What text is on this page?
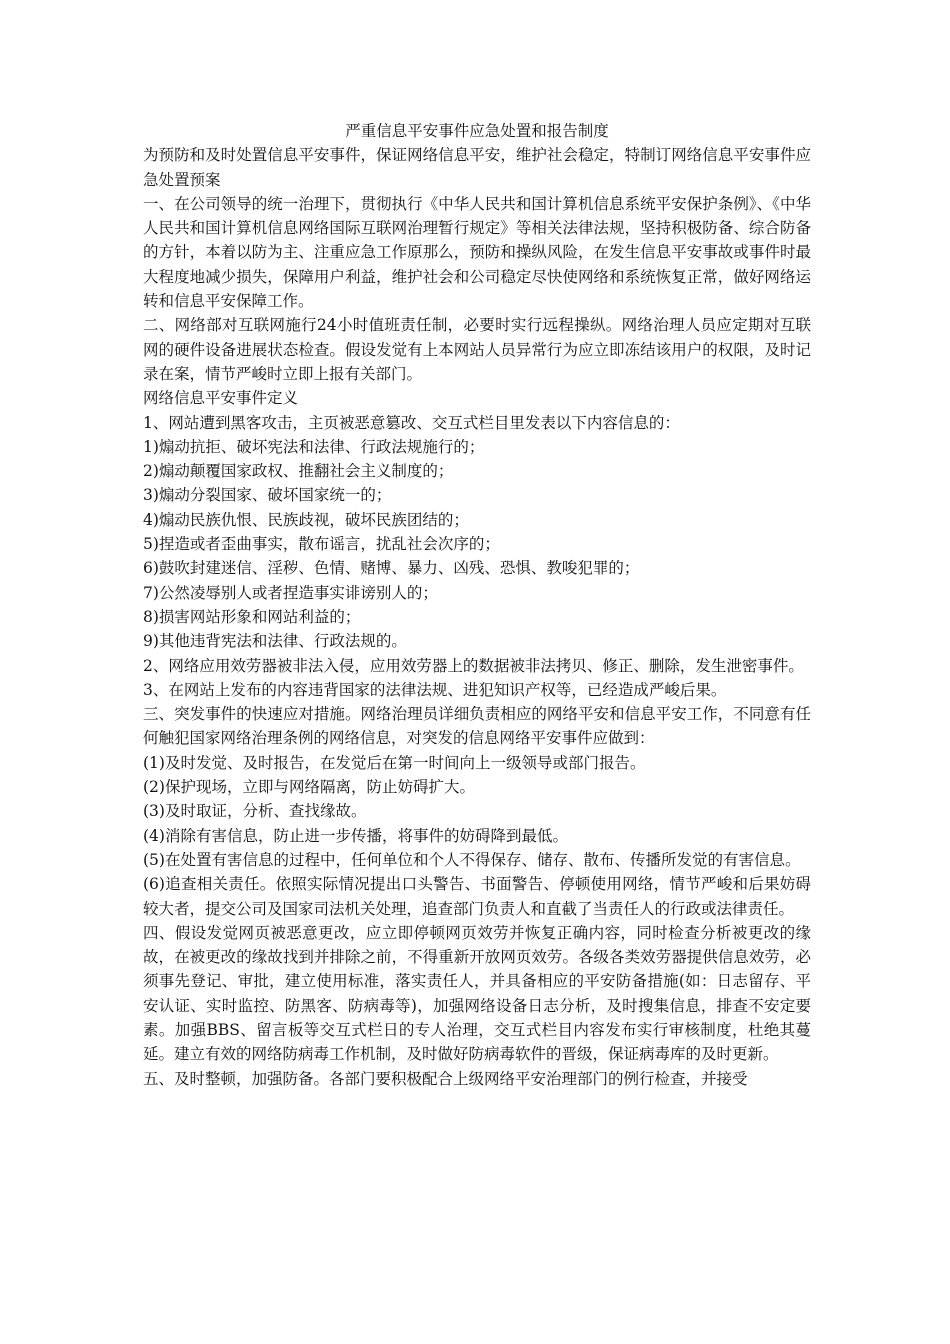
严重信息平安事件应急处置和报告制度

为预防和及时处置信息平安事件，保证网络信息平安，维护社会稳定，特制订网络信息平安事件应急处置预案

一、在公司领导的统一治理下，贯彻执行《中华人民共和国计算机信息系统平安保护条例》、《中华人民共和国计算机信息网络国际互联网治理暂行规定》等相关法律法规，坚持积极防备、综合防备的方针，本着以防为主、注重应急工作原那么，预防和操纵风险，在发生信息平安事故或事件时最大程度地减少损失，保障用户利益，维护社会和公司稳定尽快使网络和系统恢复正常，做好网络运转和信息平安保障工作。

二、网络部对互联网施行24小时值班责任制，必要时实行远程操纵。网络治理人员应定期对互联网的硬件设备进展状态检查。假设发觉有上本网站人员异常行为应立即冻结该用户的权限，及时记录在案，情节严峻时立即上报有关部门。

网络信息平安事件定义

1、网站遭到黑客攻击，主页被恶意篡改、交互式栏目里发表以下内容信息的：

1)煽动抗拒、破坏宪法和法律、行政法规施行的；

2)煽动颠覆国家政权、推翻社会主义制度的；

3)煽动分裂国家、破坏国家统一的；

4)煽动民族仇恨、民族歧视，破坏民族团结的；

5)捏造或者歪曲事实，散布谣言，扰乱社会次序的；

6)鼓吹封建迷信、淫秽、色情、赌博、暴力、凶残、恐惧、教唆犯罪的；

7)公然凌辱别人或者捏造事实诽谤别人的；

8)损害网站形象和网站利益的；

9)其他违背宪法和法律、行政法规的。

2、网络应用效劳器被非法入侵，应用效劳器上的数据被非法拷贝、修正、删除，发生泄密事件。

3、在网站上发布的内容违背国家的法律法规、进犯知识产权等，已经造成严峻后果。

三、突发事件的快速应对措施。网络治理员详细负责相应的网络平安和信息平安工作，不同意有任何触犯国家网络治理条例的网络信息，对突发的信息网络平安事件应做到：

(1)及时发觉、及时报告，在发觉后在第一时间向上一级领导或部门报告。

(2)保护现场，立即与网络隔离，防止妨碍扩大。

(3)及时取证，分析、查找缘故。

(4)消除有害信息，防止进一步传播，将事件的妨碍降到最低。

(5)在处置有害信息的过程中，任何单位和个人不得保存、储存、散布、传播所发觉的有害信息。

(6)追查相关责任。依照实际情况提出口头警告、书面警告、停顿使用网络，情节严峻和后果妨碍较大者，提交公司及国家司法机关处理，追查部门负责人和直截了当责任人的行政或法律责任。

四、假设发觉网页被恶意更改，应立即停顿网页效劳并恢复正确内容，同时检查分析被更改的缘故，在被更改的缘故找到并排除之前，不得重新开放网页效劳。各级各类效劳器提供信息效劳，必须事先登记、审批，建立使用标准，落实责任人，并具备相应的平安防备措施(如：日志留存、平安认证、实时监控、防黑客、防病毒等)，加强网络设备日志分析，及时搜集信息，排查不安定要素。加强BBS、留言板等交互式栏日的专人治理，交互式栏目内容发布实行审核制度，杜绝其蔓延。建立有效的网络防病毒工作机制，及时做好防病毒软件的晋级，保证病毒库的及时更新。

五、及时整顿，加强防备。各部门要积极配合上级网络平安治理部门的例行检查，并接受
